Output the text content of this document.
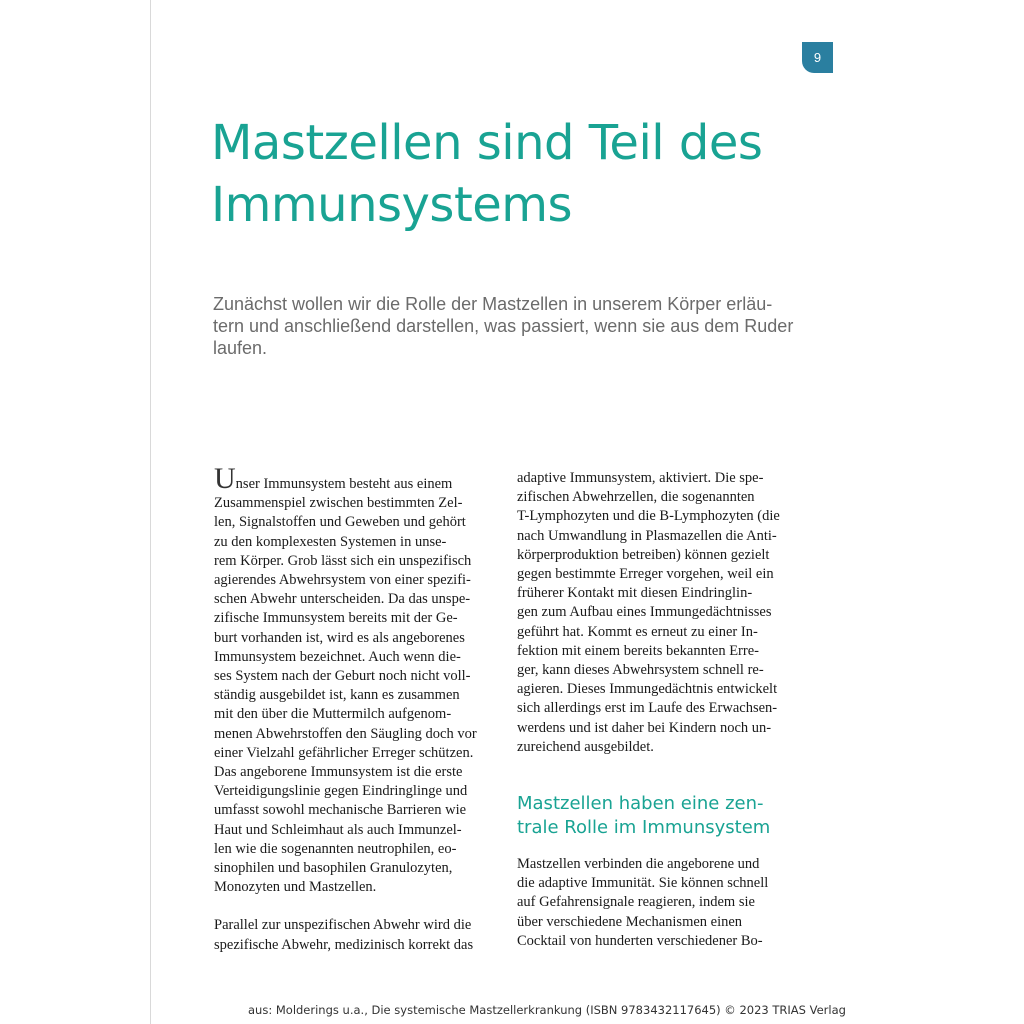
9
Mastzellen sind Teil des
Immunsystems

Zunächst wollen wir die Rolle der Mastzellen in unserem Körper erläu-
tern und anschließend darstellen, was passiert, wenn sie aus dem Ruder
laufen.

Unser Immunsystem besteht aus einem
Zusammenspiel zwischen bestimmten Zel-
len, Signalstoffen und Geweben und gehört
zu den komplexesten Systemen in unse-
rem Körper. Grob lässt sich ein unspezifisch
agierendes Abwehrsystem von einer spezifi-
schen Abwehr unterscheiden. Da das unspe-
zifische Immunsystem bereits mit der Ge-
burt vorhanden ist, wird es als angeborenes
Immunsystem bezeichnet. Auch wenn die-
ses System nach der Geburt noch nicht voll-
ständig ausgebildet ist, kann es zusammen
mit den über die Muttermilch aufgenom-
menen Abwehrstoffen den Säugling doch vor
einer Vielzahl gefährlicher Erreger schützen.
Das angeborene Immunsystem ist die erste
Verteidigungslinie gegen Eindringlinge und
umfasst sowohl mechanische Barrieren wie
Haut und Schleimhaut als auch Immunzel-
len wie die sogenannten neutrophilen, eo-
sinophilen und basophilen Granulozyten,
Monozyten und Mastzellen.
Parallel zur unspezifischen Abwehr wird die
spezifische Abwehr, medizinisch korrekt das
adaptive Immunsystem, aktiviert. Die spe-
zifischen Abwehrzellen, die sogenannten
T-Lymphozyten und die B-Lymphozyten (die
nach Umwandlung in Plasmazellen die Anti-
körperproduktion betreiben) können gezielt
gegen bestimmte Erreger vorgehen, weil ein
früherer Kontakt mit diesen Eindringlin-
gen zum Aufbau eines Immungedächtnisses
geführt hat. Kommt es erneut zu einer In-
fektion mit einem bereits bekannten Erre-
ger, kann dieses Abwehrsystem schnell re-
agieren. Dieses Immungedächtnis entwickelt
sich allerdings erst im Laufe des Erwachsen-
werdens und ist daher bei Kindern noch un-
zureichend ausgebildet.
Mastzellen haben eine zen-
trale Rolle im Immunsystem
Mastzellen verbinden die angeborene und
die adaptive Immunität. Sie können schnell
auf Gefahrensignale reagieren, indem sie
über verschiedene Mechanismen einen
Cocktail von hunderten verschiedener Bo-
aus: Molderings u.a., Die systemische Mastzellerkrankung (ISBN 9783432117645) © 2023 TRIAS Verlag
